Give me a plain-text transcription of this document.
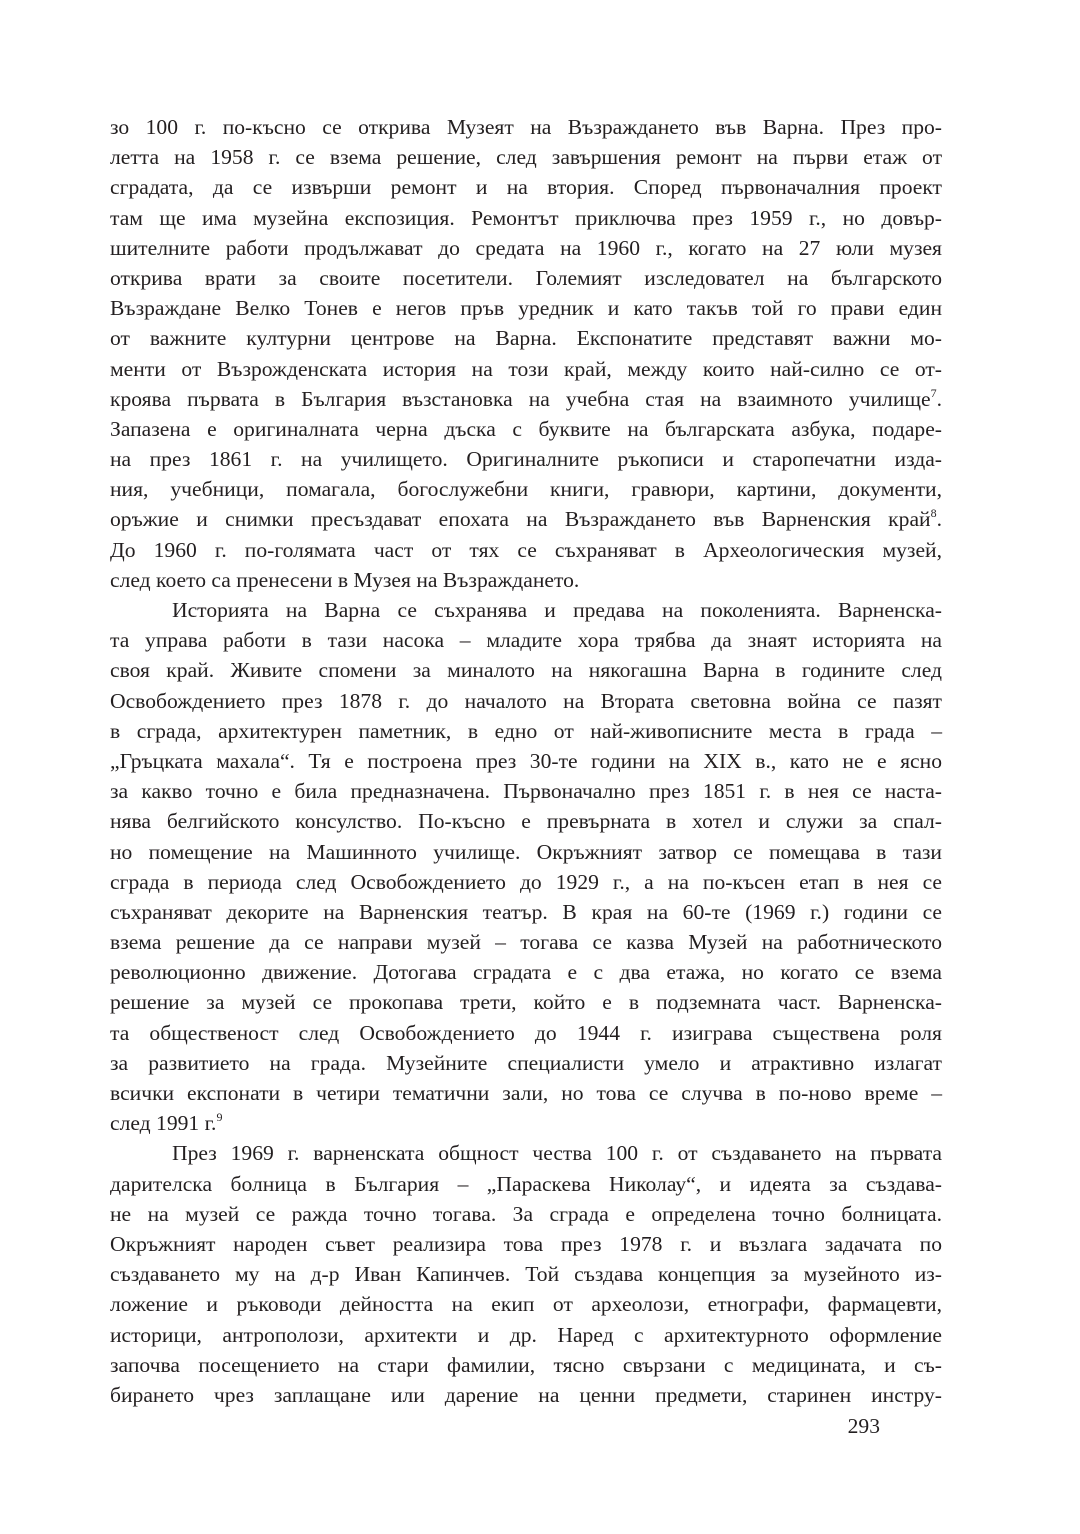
зо 100 г. по-късно се открива Музеят на Възраждането във Варна. През про-
летта на 1958 г. се взема решение, след завършения ремонт на първи етаж от
сградата, да се извърши ремонт и на втория. Според първоначалния проект
там ще има музейна експозиция. Ремонтът приключва през 1959 г., но довър-
шителните работи продължават до средата на 1960 г., когато на 27 юли музея
открива врати за своите посетители. Големият изследовател на българското
Възраждане Велко Тонев е негов пръв уредник и като такъв той го прави един
от важните културни центрове на Варна. Експонатите представят важни мо-
менти от Възрожденската история на този край, между които най-силно се от-
кроява първата в България възстановка на учебна стая на взаимното училище$^7$.
Запазена е оригиналната черна дъска с буквите на българската азбука, подаре-
на през 1861 г. на училището. Оригиналните ръкописи и старопечатни изда-
ния, учебници, помагала, богослужебни книги, гравюри, картини, документи,
оръжие и снимки пресъздават епохата на Възраждането във Варненския край$^8$.
До 1960 г. по-голямата част от тях се съхраняват в Археологическия музей,
след което са пренесени в Музея на Възраждането.

Историята на Варна се съхранява и предава на поколенията. Варненска-
та управа работи в тази насока – младите хора трябва да знаят историята на
своя край. Живите спомени за миналото на някогашна Варна в годините след
Освобождението през 1878 г. до началото на Втората световна война се пазят
в сграда, архитектурен паметник, в едно от най-живописните места в града –
„Гръцката махала“. Тя е построена през 30-те години на XIX в., като не е ясно
за какво точно е била предназначена. Първоначално през 1851 г. в нея се наста-
нява белгийското консулство. По-късно е превърната в хотел и служи за спал-
но помещение на Машинното училище. Окръжният затвор се помещава в тази
сграда в периода след Освобождението до 1929 г., а на по-късен етап в нея се
съхраняват декорите на Варненския театър. В края на 60-те (1969 г.) години се
взема решение да се направи музей – тогава се казва Музей на работническото
революционно движение. Дотогава сградата е с два етажа, но когато се взема
решение за музей се прокопава трети, който е в подземната част. Варненска-
та общественост след Освобождението до 1944 г. изиграва съществена роля
за развитието на града. Музейните специалисти умело и атрактивно излагат
всички експонати в четири тематични зали, но това се случва в по-ново време –
след 1991 г.$^9$

През 1969 г. варненската общност чества 100 г. от създаването на първата
дарителска болница в България – „Параскева Николау“, и идеята за създава-
не на музей се ражда точно тогава. За сграда е определена точно болницата.
Окръжният народен съвет реализира това през 1978 г. и възлага задачата по
създаването му на д-р Иван Капинчев. Той създава концепция за музейното из-
ложение и ръководи дейността на екип от археолози, етнографи, фармацевти,
историци, антрополози, архитекти и др. Наред с архитектурното оформление
започва посещението на стари фамилии, тясно свързани с медицината, и съ-
бирането чрез заплащане или дарение на ценни предмети, старинен инстру-

293
